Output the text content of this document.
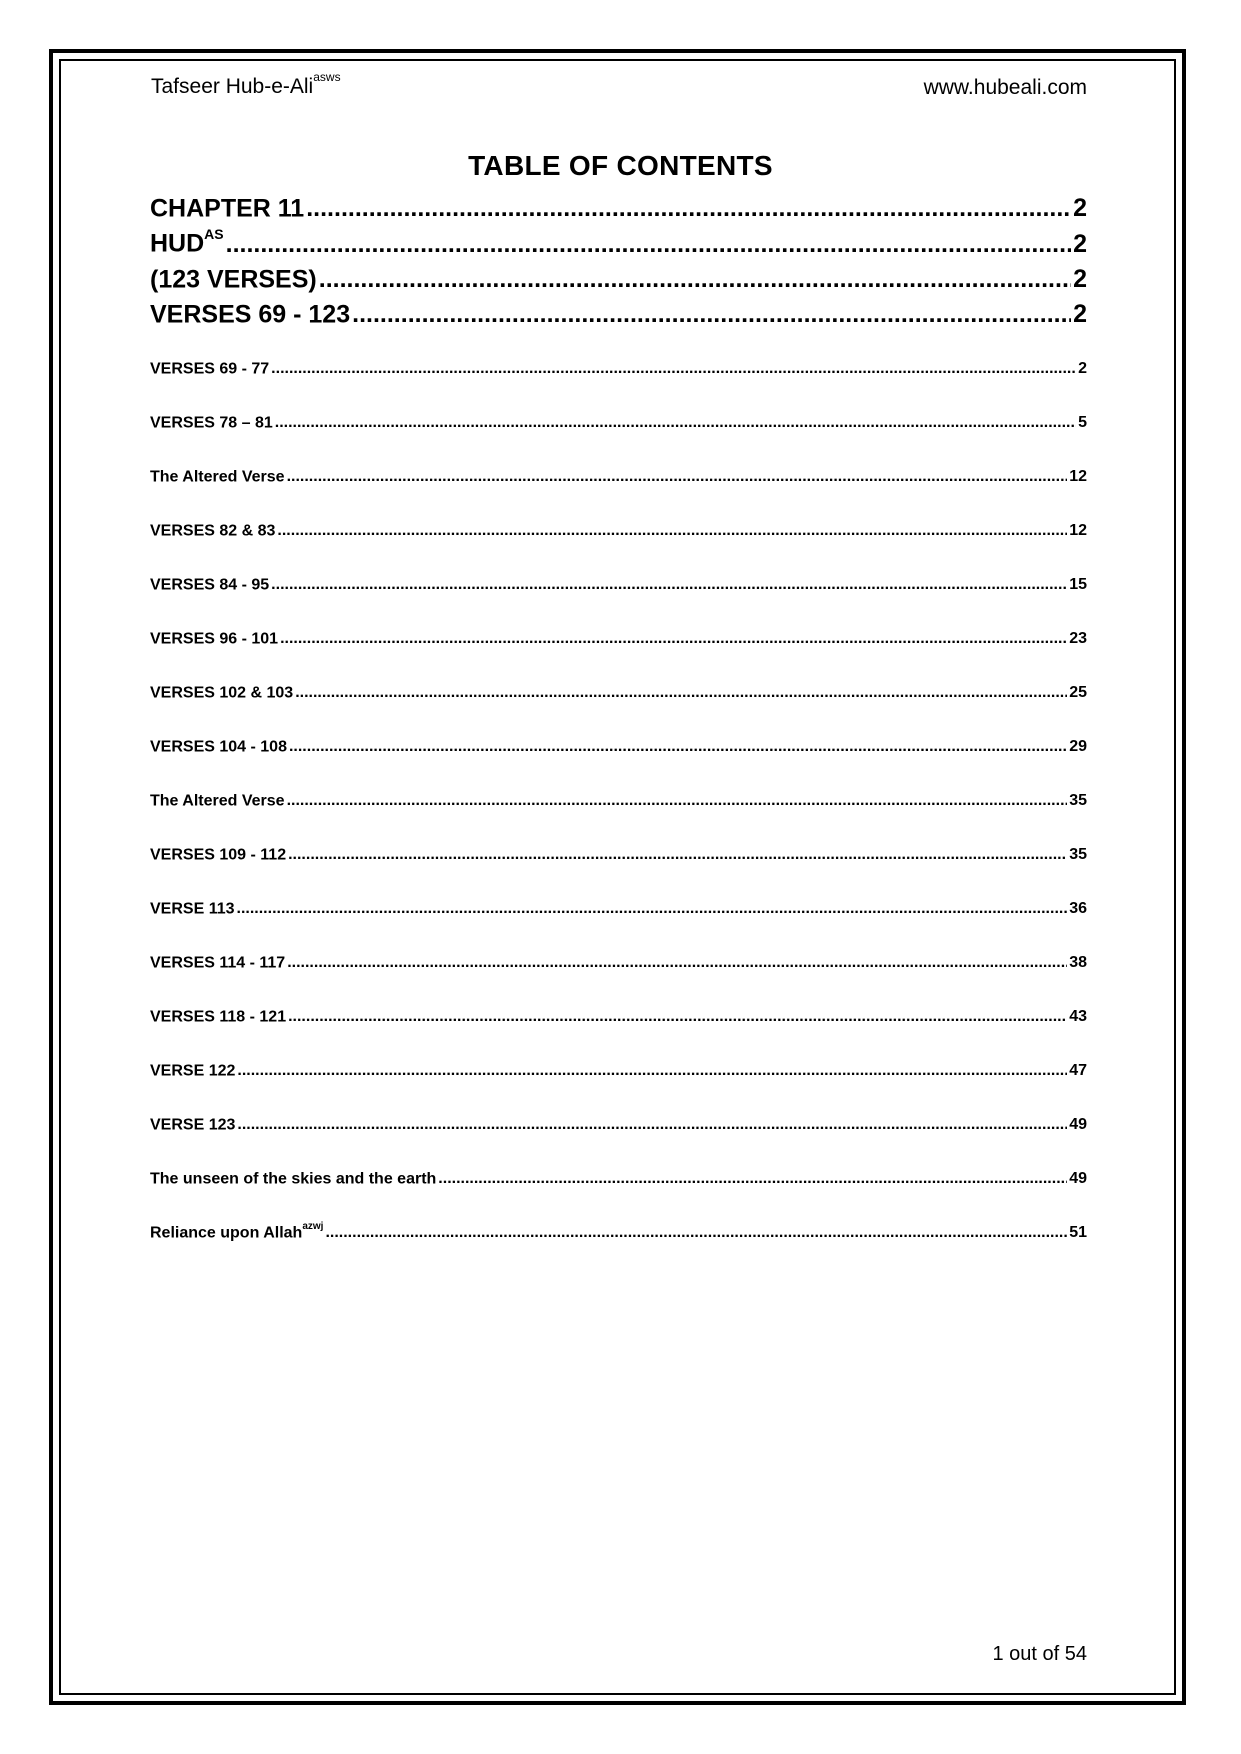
Tafseer Hub-e-Ali$^{asws}$	www.hubeali.com
TABLE OF CONTENTS
CHAPTER 11 .....	2
$HUD^{AS}$ .....	2
(123 VERSES) .....	2
VERSES 69 - 123 .....	2
VERSES 69 - 77 .....	2
VERSES 78 – 81 .....	5
The Altered Verse .....	12
VERSES 82 & 83 .....	12
VERSES 84 - 95 .....	15
VERSES 96 - 101 .....	23
VERSES 102 & 103 .....	25
VERSES 104 - 108 .....	29
The Altered Verse .....	35
VERSES 109 - 112 .....	35
VERSE 113 .....	36
VERSES 114 - 117 .....	38
VERSES 118 - 121 .....	43
VERSE 122 .....	47
VERSE 123 .....	49
The unseen of the skies and the earth .....	49
Reliance upon Allah$^{azwj}$ .....	51
1 out of 54
